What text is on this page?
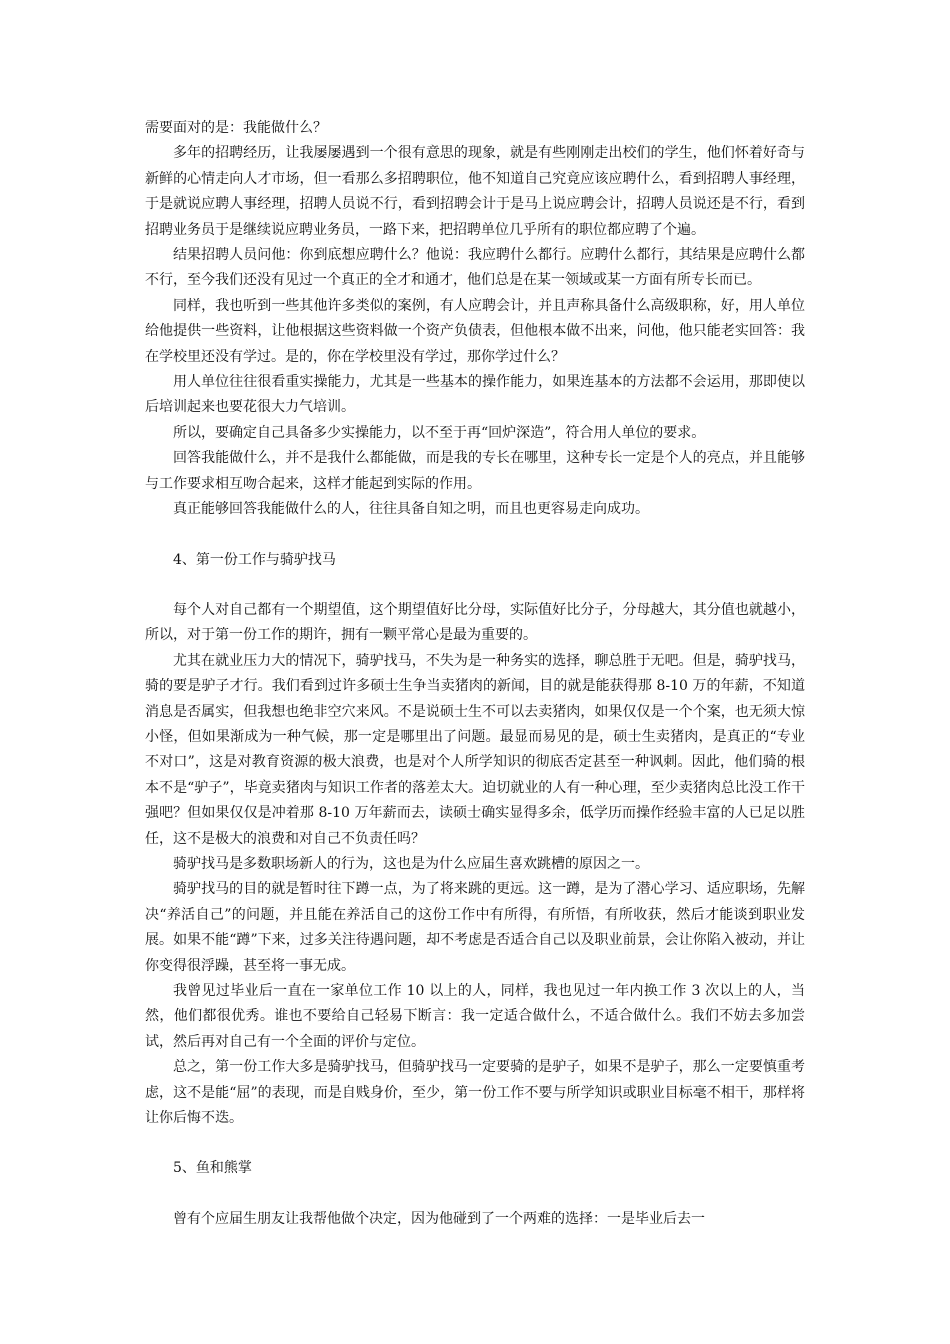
需要面对的是：我能做什么？

多年的招聘经历，让我屡屡遇到一个很有意思的现象，就是有些刚刚走出校们的学生，他们怀着好奇与新鲜的心情走向人才市场，但一看那么多招聘职位，他不知道自己究竟应该应聘什么，看到招聘人事经理，于是就说应聘人事经理，招聘人员说不行，看到招聘会计于是马上说应聘会计，招聘人员说还是不行，看到招聘业务员于是继续说应聘业务员，一路下来，把招聘单位几乎所有的职位都应聘了个遍。

结果招聘人员问他：你到底想应聘什么？他说：我应聘什么都行。应聘什么都行，其结果是应聘什么都不行，至今我们还没有见过一个真正的全才和通才，他们总是在某一领域或某一方面有所专长而已。

同样，我也听到一些其他许多类似的案例，有人应聘会计，并且声称具备什么高级职称，好，用人单位给他提供一些资料，让他根据这些资料做一个资产负债表，但他根本做不出来，问他，他只能老实回答：我在学校里还没有学过。是的，你在学校里没有学过，那你学过什么？

用人单位往往很看重实操能力，尤其是一些基本的操作能力，如果连基本的方法都不会运用，那即使以后培训起来也要花很大力气培训。

所以，要确定自己具备多少实操能力，以不至于再“回炉深造”，符合用人单位的要求。

回答我能做什么，并不是我什么都能做，而是我的专长在哪里，这种专长一定是个人的亮点，并且能够与工作要求相互吻合起来，这样才能起到实际的作用。

真正能够回答我能做什么的人，往往具备自知之明，而且也更容易走向成功。

4、第一份工作与骑驴找马

每个人对自己都有一个期望值，这个期望值好比分母，实际值好比分子，分母越大，其分值也就越小，所以，对于第一份工作的期许，拥有一颗平常心是最为重要的。

尤其在就业压力大的情况下，骑驴找马，不失为是一种务实的选择，聊总胜于无吧。但是，骑驴找马，骑的要是驴子才行。我们看到过许多硕士生争当卖猪肉的新闻，目的就是能获得那 8-10 万的年薪，不知道消息是否属实，但我想也绝非空穴来风。不是说硕士生不可以去卖猪肉，如果仅仅是一个个案，也无须大惊小怪，但如果渐成为一种气候，那一定是哪里出了问题。最显而易见的是，硕士生卖猪肉，是真正的“专业不对口”，这是对教育资源的极大浪费，也是对个人所学知识的彻底否定甚至一种讽刺。因此，他们骑的根本不是“驴子”，毕竟卖猪肉与知识工作者的落差太大。迫切就业的人有一种心理，至少卖猪肉总比没工作干强吧？但如果仅仅是冲着那 8-10 万年薪而去，读硕士确实显得多余，低学历而操作经验丰富的人已足以胜任，这不是极大的浪费和对自己不负责任吗？

骑驴找马是多数职场新人的行为，这也是为什么应届生喜欢跳槽的原因之一。

骑驴找马的目的就是暂时往下蹲一点，为了将来跳的更远。这一蹲，是为了潜心学习、适应职场，先解决“养活自己”的问题，并且能在养活自己的这份工作中有所得，有所悟，有所收获，然后才能谈到职业发展。如果不能“蹲”下来，过多关注待遇问题，却不考虑是否适合自己以及职业前景，会让你陷入被动，并让你变得很浮躁，甚至将一事无成。

我曾见过毕业后一直在一家单位工作 10 以上的人，同样，我也见过一年内换工作 3 次以上的人，当然，他们都很优秀。谁也不要给自己轻易下断言：我一定适合做什么，不适合做什么。我们不妨去多加尝试，然后再对自己有一个全面的评价与定位。

总之，第一份工作大多是骑驴找马，但骑驴找马一定要骑的是驴子，如果不是驴子，那么一定要慎重考虑，这不是能“屈”的表现，而是自贱身价，至少，第一份工作不要与所学知识或职业目标毫不相干，那样将让你后悔不迭。

5、鱼和熊掌

曾有个应届生朋友让我帮他做个决定，因为他碰到了一个两难的选择：一是毕业后去一
